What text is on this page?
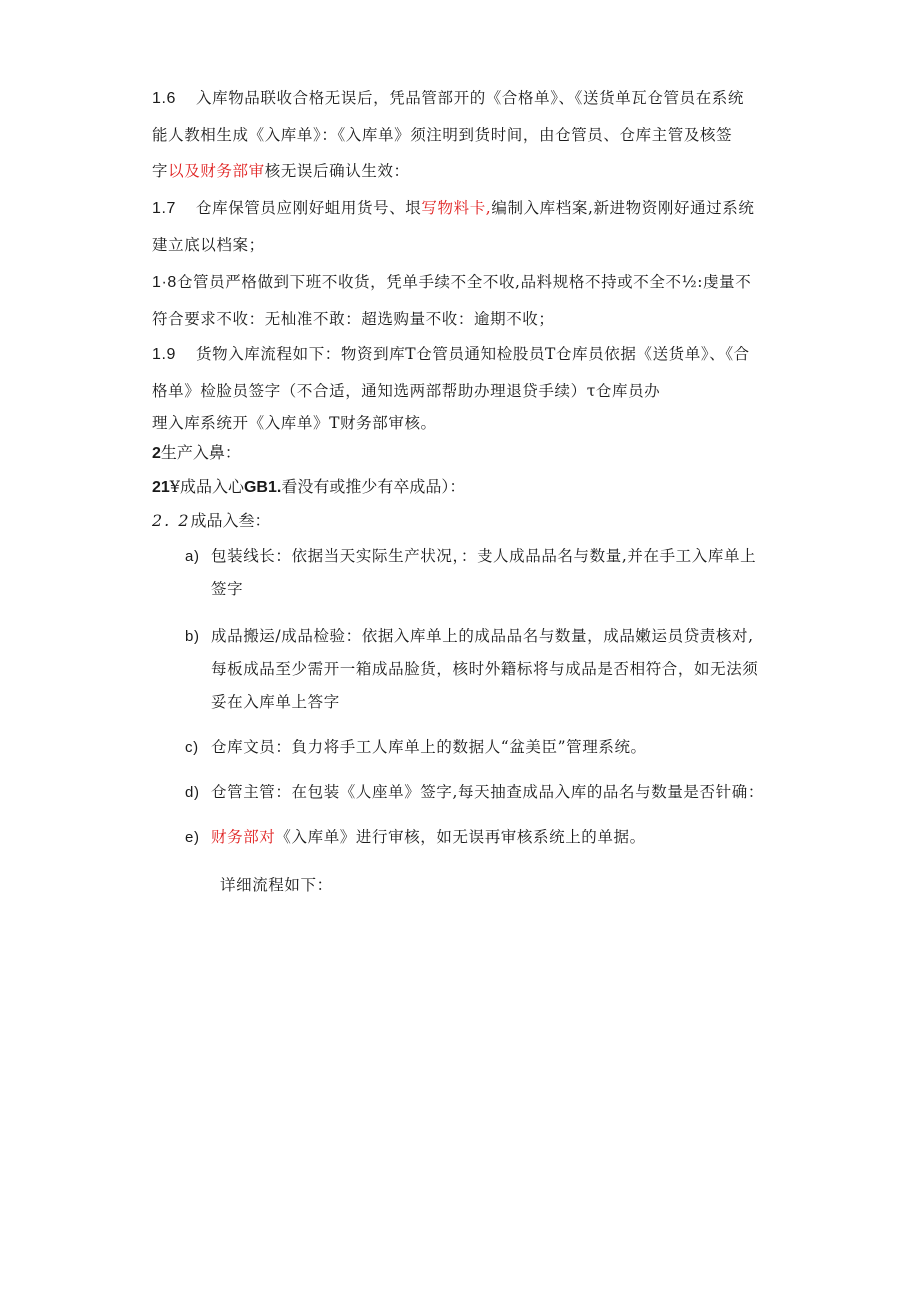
1.6 入库物品联收合格无误后，凭品管部开的《合格单》、《送货单瓦仓管员在系统
能人教相生成《入库单》：《入库单》须注明到货时间，由仓管员、仓库主管及核签
字以及财务部审核无误后确认生效：
1.7 仓库保管员应刚好蛆用货号、垠写物料卡,编制入库档案,新进物资刚好通过系统
建立底以档案；
1·8仓管员严格做到下班不收货，凭单手续不全不收,品料规格不持或不全不½:虔量不
符合要求不收：无杣准不敢：超选购量不收：逾期不收；
1.9 货物入库流程如下：物资到库T仓管员通知检股员T仓库员依据《送货单》、《合
格单》检脸员签字（不合适，通知选两部帮助办理退贷手续）τ仓库员办
理入库系统开《入库单》T财务部审核。
2生产入鼻：
21¥成品入心GB1.看没有或推少有卒成品）：
2. 2成品入叁：
a) 包装线长：依据当天实际生产状况，：叏人成品品名与数量,并在手工入库单上
签字
b) 成品搬运/成品检验：依据入库单上的成品品名与数量，成品嫩运员贷责核对,
每板成品至少需开一箱成品脸货，核时外籍标将与成品是否相符合，如无法须
妥在入库单上答字
c) 仓库文员：負力将手工人库单上的数据人“盆美臣”管理系统。
d) 仓管主管：在包装《人座单》签字,每天抽查成品入库的品名与数量是否针确：
e) 财务部对《入库单》进行审核，如无误再审核系统上的单据。
详细流程如下：
